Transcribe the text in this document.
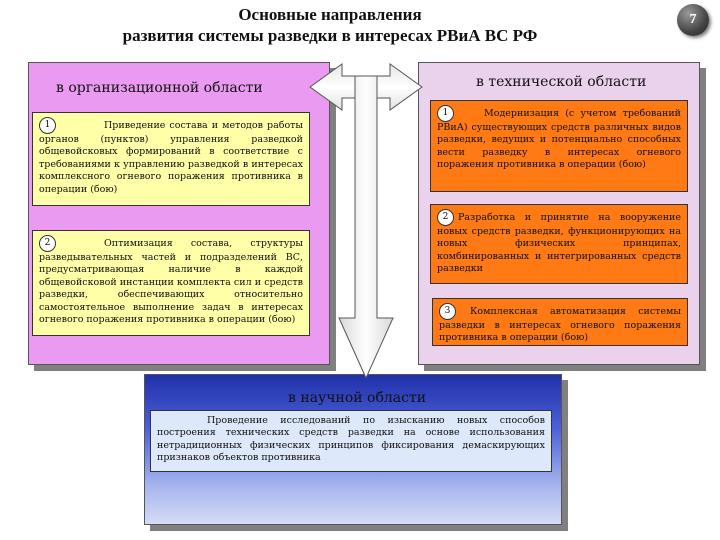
Основные направления
развития системы разведки в интересах РВиА ВС РФ
7
в организационной области
1	Приведение состава и методов работы органов (пунктов) управления разведкой общевойсковых формирований в соответствие с требованиями к управлению разведкой в интересах комплексного огневого поражения противника в операции (бою)
2	Оптимизация состава, структуры разведывательных частей и подразделений ВС, предусматривающая наличие в каждой общевойсковой инстанции комплекта сил и средств разведки, обеспечивающих относительно самостоятельное выполнение задач в интересах огневого поражения противника в операции (бою)
в технической области
1	Модернизация (с учетом требований РВиА) существующих средств различных видов разведки, ведущих и потенциально способных вести разведку в интересах огневого поражения противника в операции (бою)
2 Разработка и принятие на вооружение новых средств разведки, функционирующих на новых физических принципах, комбинированных и интегрированных средств разведки
3 Комплексная автоматизация системы разведки в интересах огневого поражения противника в операции (бою)
в научной области
Проведение исследований по изысканию новых способов построения технических средств разведки на основе использования нетрадиционных физических принципов фиксирования демаскирующих признаков объектов противника
